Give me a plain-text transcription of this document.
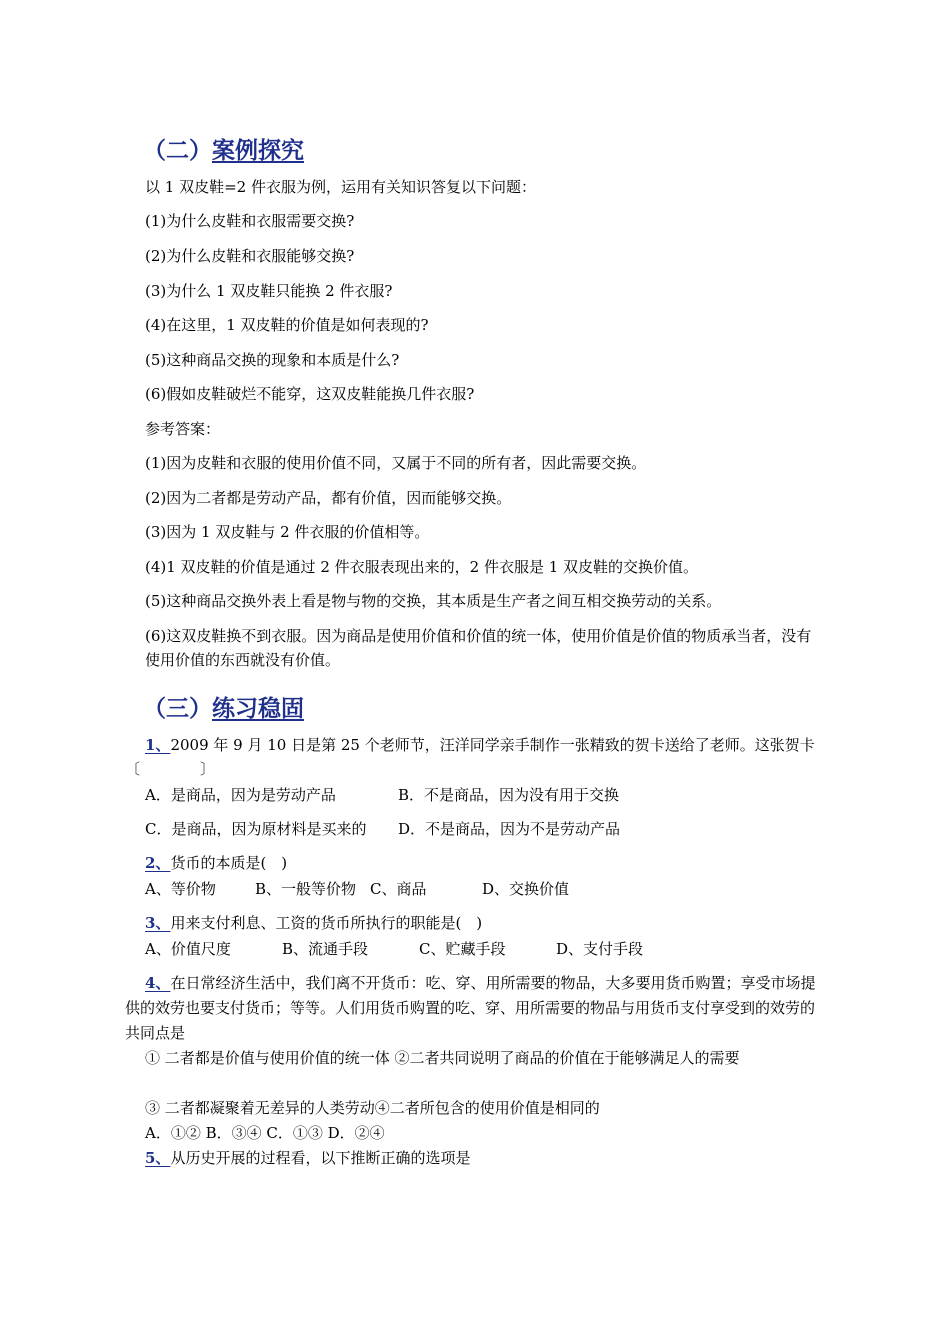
（二）案例探究

以 1 双皮鞋=2 件衣服为例，运用有关知识答复以下问题：

(1)为什么皮鞋和衣服需要交换?

(2)为什么皮鞋和衣服能够交换?

(3)为什么 1 双皮鞋只能换 2 件衣服?

(4)在这里，1 双皮鞋的价值是如何表现的?

(5)这种商品交换的现象和本质是什么?

(6)假如皮鞋破烂不能穿，这双皮鞋能换几件衣服?

参考答案：

(1)因为皮鞋和衣服的使用价值不同，又属于不同的所有者，因此需要交换。

(2)因为二者都是劳动产品，都有价值，因而能够交换。

(3)因为 1 双皮鞋与 2 件衣服的价值相等。

(4)1 双皮鞋的价值是通过 2 件衣服表现出来的，2 件衣服是 1 双皮鞋的交换价值。

(5)这种商品交换外表上看是物与物的交换，其本质是生产者之间互相交换劳动的关系。

(6)这双皮鞋换不到衣服。因为商品是使用价值和价值的统一体，使用价值是价值的物质承当者，没有使用价值的东西就没有价值。

（三）练习稳固

1、2009 年 9 月 10 日是第 25 个老师节，汪洋同学亲手制作一张精致的贺卡送给了老师。这张贺卡〔　　　　〕

A．是商品，因为是劳动产品	B．不是商品，因为没有用于交换

C．是商品，因为原材料是买来的 D．不是商品，因为不是劳动产品

2、货币的本质是(　)

A、等价物	B、一般等价物 C、商品	D、交换价值

3、用来支付利息、工资的货币所执行的职能是(　)

A、价值尺度	B、流通手段	C、贮藏手段	D、支付手段

4、在日常经济生活中，我们离不开货币：吃、穿、用所需要的物品，大多要用货币购置；享受市场提供的效劳也要支付货币；等等。人们用货币购置的吃、穿、用所需要的物品与用货币支付享受到的效劳的共同点是

① 二者都是价值与使用价值的统一体 ②二者共同说明了商品的价值在于能够满足人的需要

③ 二者都凝聚着无差异的人类劳动④二者所包含的使用价值是相同的

A．①② B．③④ C．①③ D．②④

5、从历史开展的过程看，以下推断正确的选项是
